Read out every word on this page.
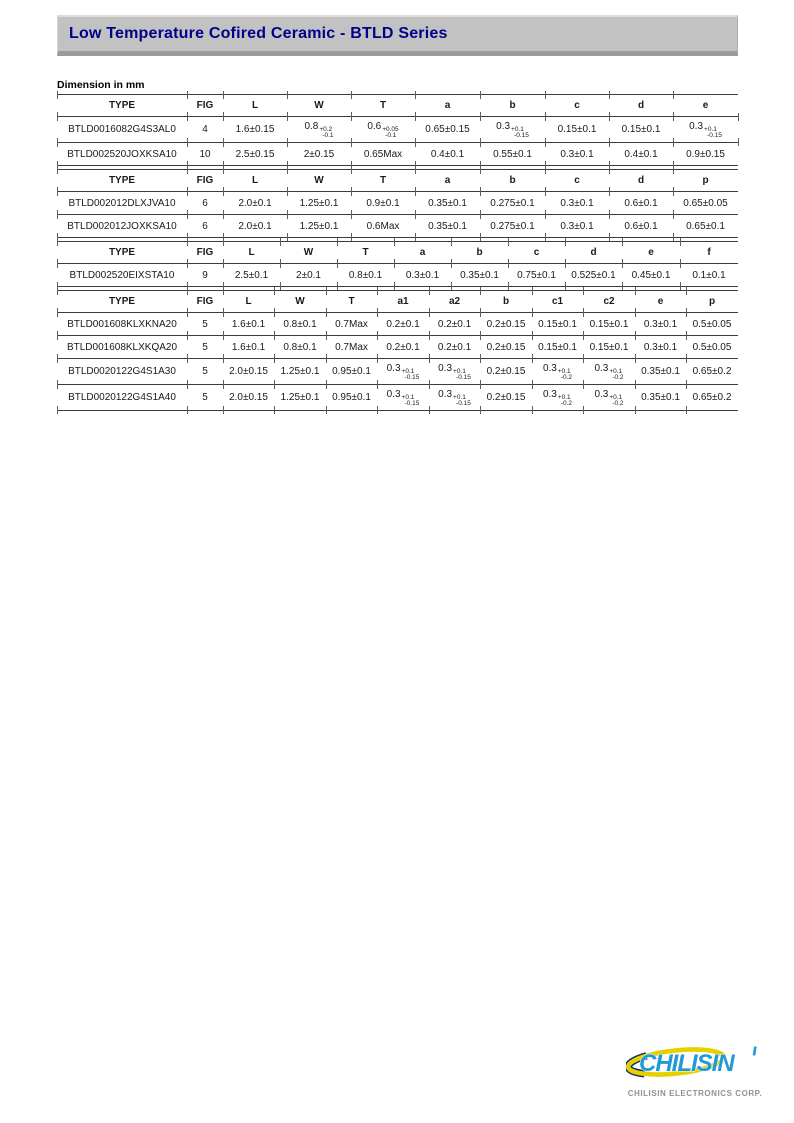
Low Temperature Cofired Ceramic - BTLD Series
Dimension in mm
TYPE	FIG	L	W	T	a	b	c	d	e
BTLD0016082G4S3AL0	4	1.6±0.15	0.8 +0.2
-0.1	0.6 +0.05
-0.1	0.65±0.15	0.3 +0.1
-0.15	0.15±0.1	0.15±0.1	0.3 +0.1
-0.15

BTLD002520JOXKSA10	10	2.5±0.15	2±0.15	0.65Max	0.4±0.1	0.55±0.1	0.3±0.1	0.4±0.1	0.9±0.15
TYPE	FIG	L	W	T	a	b	c	d	p
BTLD002012DLXJVA10	6	2.0±0.1	1.25±0.1	0.9±0.1	0.35±0.1	0.275±0.1	0.3±0.1	0.6±0.1	0.65±0.05
BTLD002012JOXKSA10	6	2.0±0.1	1.25±0.1	0.6Max	0.35±0.1	0.275±0.1	0.3±0.1	0.6±0.1	0.65±0.1
TYPE	FIG	L	W	T	a	b	c	d	e	f
BTLD002520EIXSTA10	9	2.5±0.1	2±0.1	0.8±0.1	0.3±0.1	0.35±0.1	0.75±0.1	0.525±0.1	0.45±0.1	0.1±0.1
TYPE	FIG	L	W	T	a1	a2	b	c1	c2	e	p
BTLD001608KLXKNA20	5	1.6±0.1	0.8±0.1	0.7Max	0.2±0.1	0.2±0.1	0.2±0.15	0.15±0.1	0.15±0.1	0.3±0.1	0.5±0.05
BTLD001608KLXKQA20	5	1.6±0.1	0.8±0.1	0.7Max	0.2±0.1	0.2±0.1	0.2±0.15	0.15±0.1	0.15±0.1	0.3±0.1	0.5±0.05
BTLD0020122G4S1A30	5	2.0±0.15	1.25±0.1	0.95±0.1	0.3 +0.1
-0.15	0.3 +0.1
-0.15	0.2±0.15	0.3 +0.1
-0.2	0.3 +0.1
-0.2	0.35±0.1	0.65±0.2
BTLD0020122G4S1A40	5	2.0±0.15	1.25±0.1	0.95±0.1	0.3 +0.1
-0.15	0.3 +0.1
-0.15	0.2±0.15	0.3 +0.1
-0.2	0.3 +0.1
-0.2	0.35±0.1	0.65±0.2
CHILISIN
CHILISIN ELECTRONICS CORP.
